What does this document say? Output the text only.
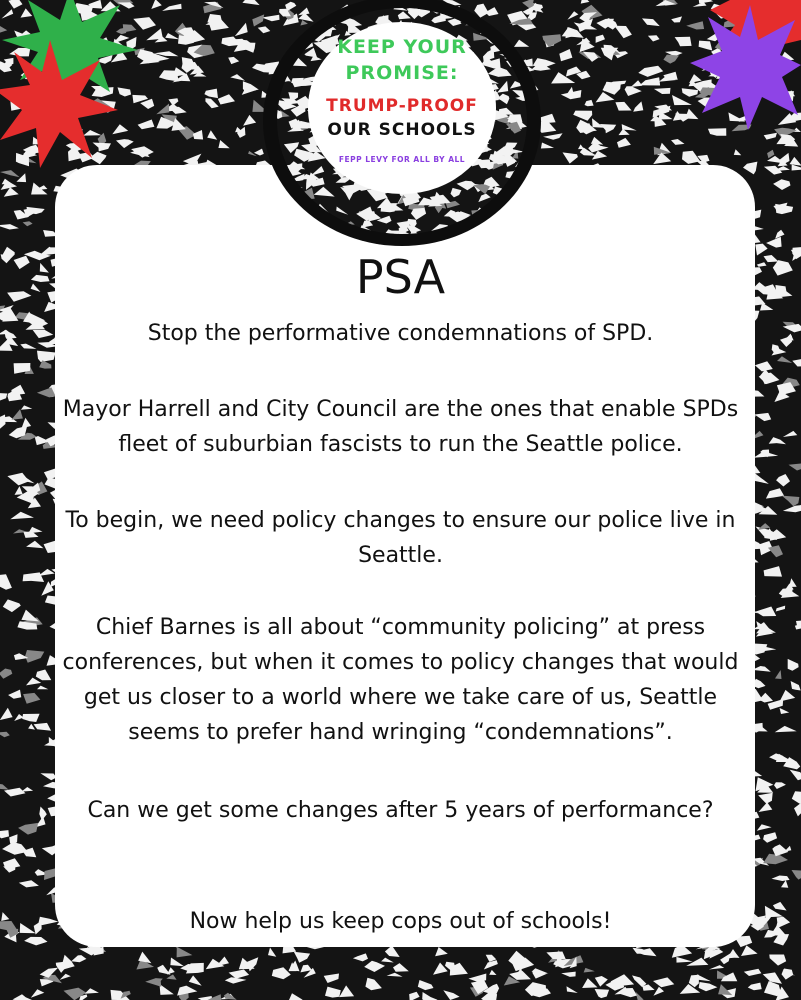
KEEP YOUR
PROMISE:
TRUMP-PROOF
OUR SCHOOLS
FEPP LEVY FOR ALL BY ALL
PSA
Stop the performative condemnations of SPD.
Mayor Harrell and City Council are the ones that enable SPDs fleet of suburbian fascists to run the Seattle police.
To begin, we need policy changes to ensure our police live in Seattle.
Chief Barnes is all about “community policing” at press conferences, but when it comes to policy changes that would get us closer to a world where we take care of us, Seattle seems to prefer hand wringing “condemnations”.
Can we get some changes after 5 years of performance?
Now help us keep cops out of schools!
